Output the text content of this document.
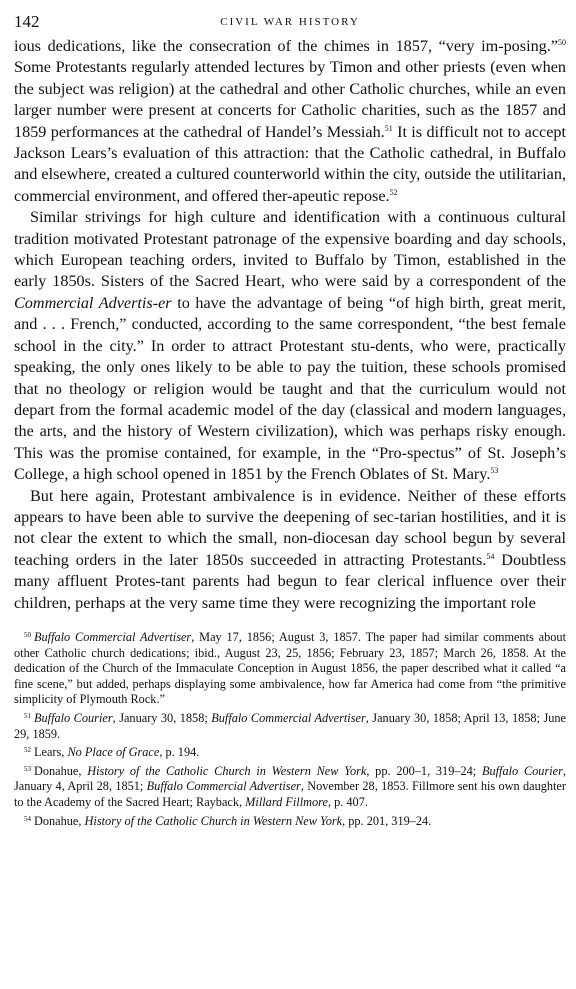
142	CIVIL WAR HISTORY

ious dedications, like the consecration of the chimes in 1857, “very im-posing.”$^{50}$ Some Protestants regularly attended lectures by Timon and other priests (even when the subject was religion) at the cathedral and other Catholic churches, while an even larger number were present at concerts for Catholic charities, such as the 1857 and 1859 performances at the cathedral of Handel’s Messiah.$^{51}$ It is difficult not to accept Jackson Lears’s evaluation of this attraction: that the Catholic cathedral, in Buffalo and elsewhere, created a cultured counterworld within the city, outside the utilitarian, commercial environment, and offered ther-apeutic repose.$^{52}$

Similar strivings for high culture and identification with a continuous cultural tradition motivated Protestant patronage of the expensive boarding and day schools, which European teaching orders, invited to Buffalo by Timon, established in the early 1850s. Sisters of the Sacred Heart, who were said by a correspondent of the Commercial Advertis-er to have the advantage of being “of high birth, great merit, and . . . French,” conducted, according to the same correspondent, “the best female school in the city.” In order to attract Protestant stu-dents, who were, practically speaking, the only ones likely to be able to pay the tuition, these schools promised that no theology or religion would be taught and that the curriculum would not depart from the formal academic model of the day (classical and modern languages, the arts, and the history of Western civilization), which was perhaps risky enough. This was the promise contained, for example, in the “Pro-spectus” of St. Joseph’s College, a high school opened in 1851 by the French Oblates of St. Mary.$^{53}$

But here again, Protestant ambivalence is in evidence. Neither of these efforts appears to have been able to survive the deepening of sec-tarian hostilities, and it is not clear the extent to which the small, non-diocesan day school begun by several teaching orders in the later 1850s succeeded in attracting Protestants.$^{54}$ Doubtless many affluent Protes-tant parents had begun to fear clerical influence over their children, perhaps at the very same time they were recognizing the important role

$^{50}$ Buffalo Commercial Advertiser, May 17, 1856; August 3, 1857. The paper had similar comments about other Catholic church dedications; ibid., August 23, 25, 1856; February 23, 1857; March 26, 1858. At the dedication of the Church of the Immaculate Conception in August 1856, the paper described what it called “a fine scene,” but added, perhaps displaying some ambivalence, how far America had come from “the primitive simplicity of Plymouth Rock.”

$^{51}$ Buffalo Courier, January 30, 1858; Buffalo Commercial Advertiser, January 30, 1858; April 13, 1858; June 29, 1859.

$^{52}$ Lears, No Place of Grace, p. 194.

$^{53}$ Donahue, History of the Catholic Church in Western New York, pp. 200–1, 319–24; Buffalo Courier, January 4, April 28, 1851; Buffalo Commercial Advertiser, November 28, 1853. Fillmore sent his own daughter to the Academy of the Sacred Heart; Rayback, Millard Fillmore, p. 407.

$^{54}$ Donahue, History of the Catholic Church in Western New York, pp. 201, 319–24.
